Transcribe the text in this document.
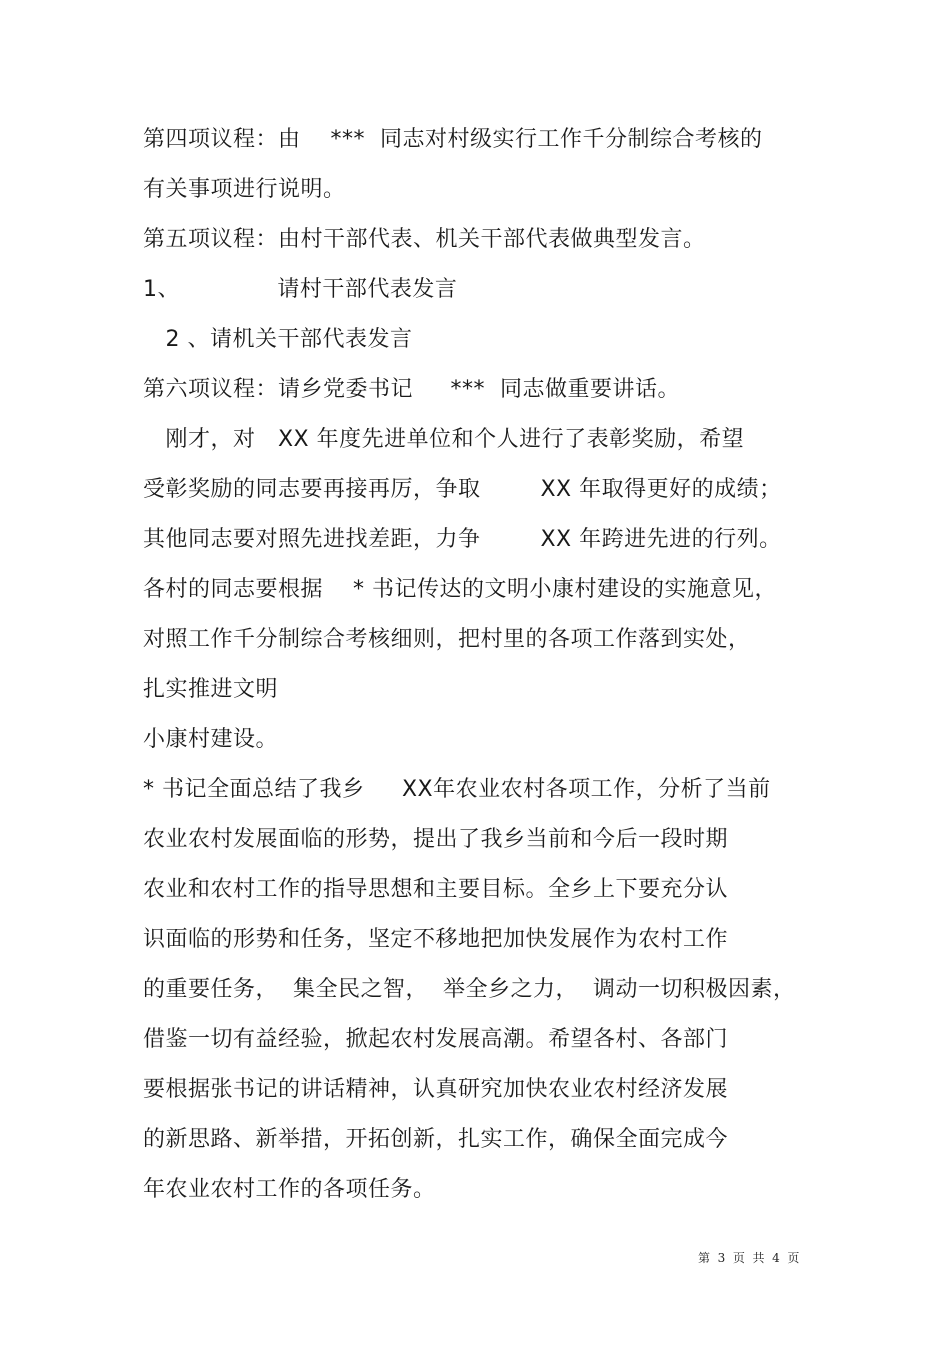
第四项议程：由　 ***  同志对村级实行工作千分制综合考核的
有关事项进行说明。
第五项议程：由村干部代表、机关干部代表做典型发言。
1、             请村干部代表发言
2 、请机关干部代表发言
第六项议程：请乡党委书记     ***  同志做重要讲话。
刚才，对   XX 年度先进单位和个人进行了表彰奖励，希望
受彰奖励的同志要再接再厉，争取        XX 年取得更好的成绩；
其他同志要对照先进找差距，力争        XX 年跨进先进的行列。
各村的同志要根据    * 书记传达的文明小康村建设的实施意见，
对照工作千分制综合考核细则，把村里的各项工作落到实处，
扎实推进文明
小康村建设。
* 书记全面总结了我乡     XX年农业农村各项工作，分析了当前
农业农村发展面临的形势，提出了我乡当前和今后一段时期
农业和农村工作的指导思想和主要目标。全乡上下要充分认
识面临的形势和任务，坚定不移地把加快发展作为农村工作
的重要任务，  集全民之智，  举全乡之力，  调动一切积极因素，
借鉴一切有益经验，掀起农村发展高潮。希望各村、各部门
要根据张书记的讲话精神，认真研究加快农业农村经济发展
的新思路、新举措，开拓创新，扎实工作，确保全面完成今
年农业农村工作的各项任务。
第  3  页  共  4  页
